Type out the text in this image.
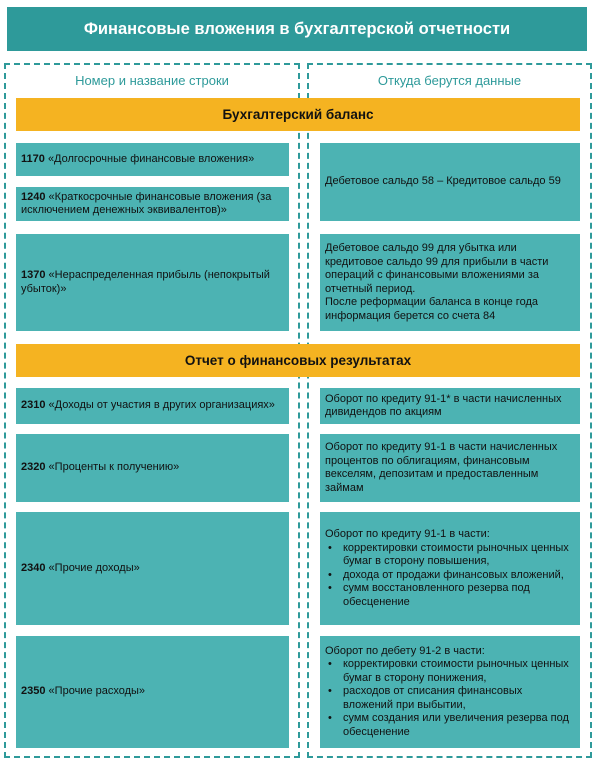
Финансовые вложения в бухгалтерской отчетности
Номер и название строки	Откуда берутся данные
Бухгалтерский баланс
1170 «Долгосрочные финансовые вложения»
1240 «Краткосрочные финансовые вложения (за исключением денежных эквивалентов)»
Дебетовое сальдо 58 – Кредитовое сальдо 59
1370 «Нераспределенная прибыль (непокрытый убыток)»
Дебетовое сальдо 99 для убытка или кредитовое сальдо 99 для прибыли в части операций с финансовыми вложениями за отчетный период.
После реформации баланса в конце года информация берется со счета 84
Отчет о финансовых результатах
2310 «Доходы от участия в других организациях»
Оборот по кредиту 91-1* в части начисленных дивидендов по акциям
2320 «Проценты к получению»
Оборот по кредиту 91-1 в части начисленных процентов по облигациям, финансовым векселям, депозитам и предоставленным займам
2340 «Прочие доходы»
Оборот по кредиту 91-1 в части:
• корректировки стоимости рыночных ценных бумаг в сторону повышения,
• дохода от продажи финансовых вложений,
• сумм восстановленного резерва под обесценение
2350 «Прочие расходы»
Оборот по дебету 91-2 в части:
• корректировки стоимости рыночных ценных бумаг в сторону понижения,
• расходов от списания финансовых вложений при выбытии,
• сумм создания или увеличения резерва под обесценение
